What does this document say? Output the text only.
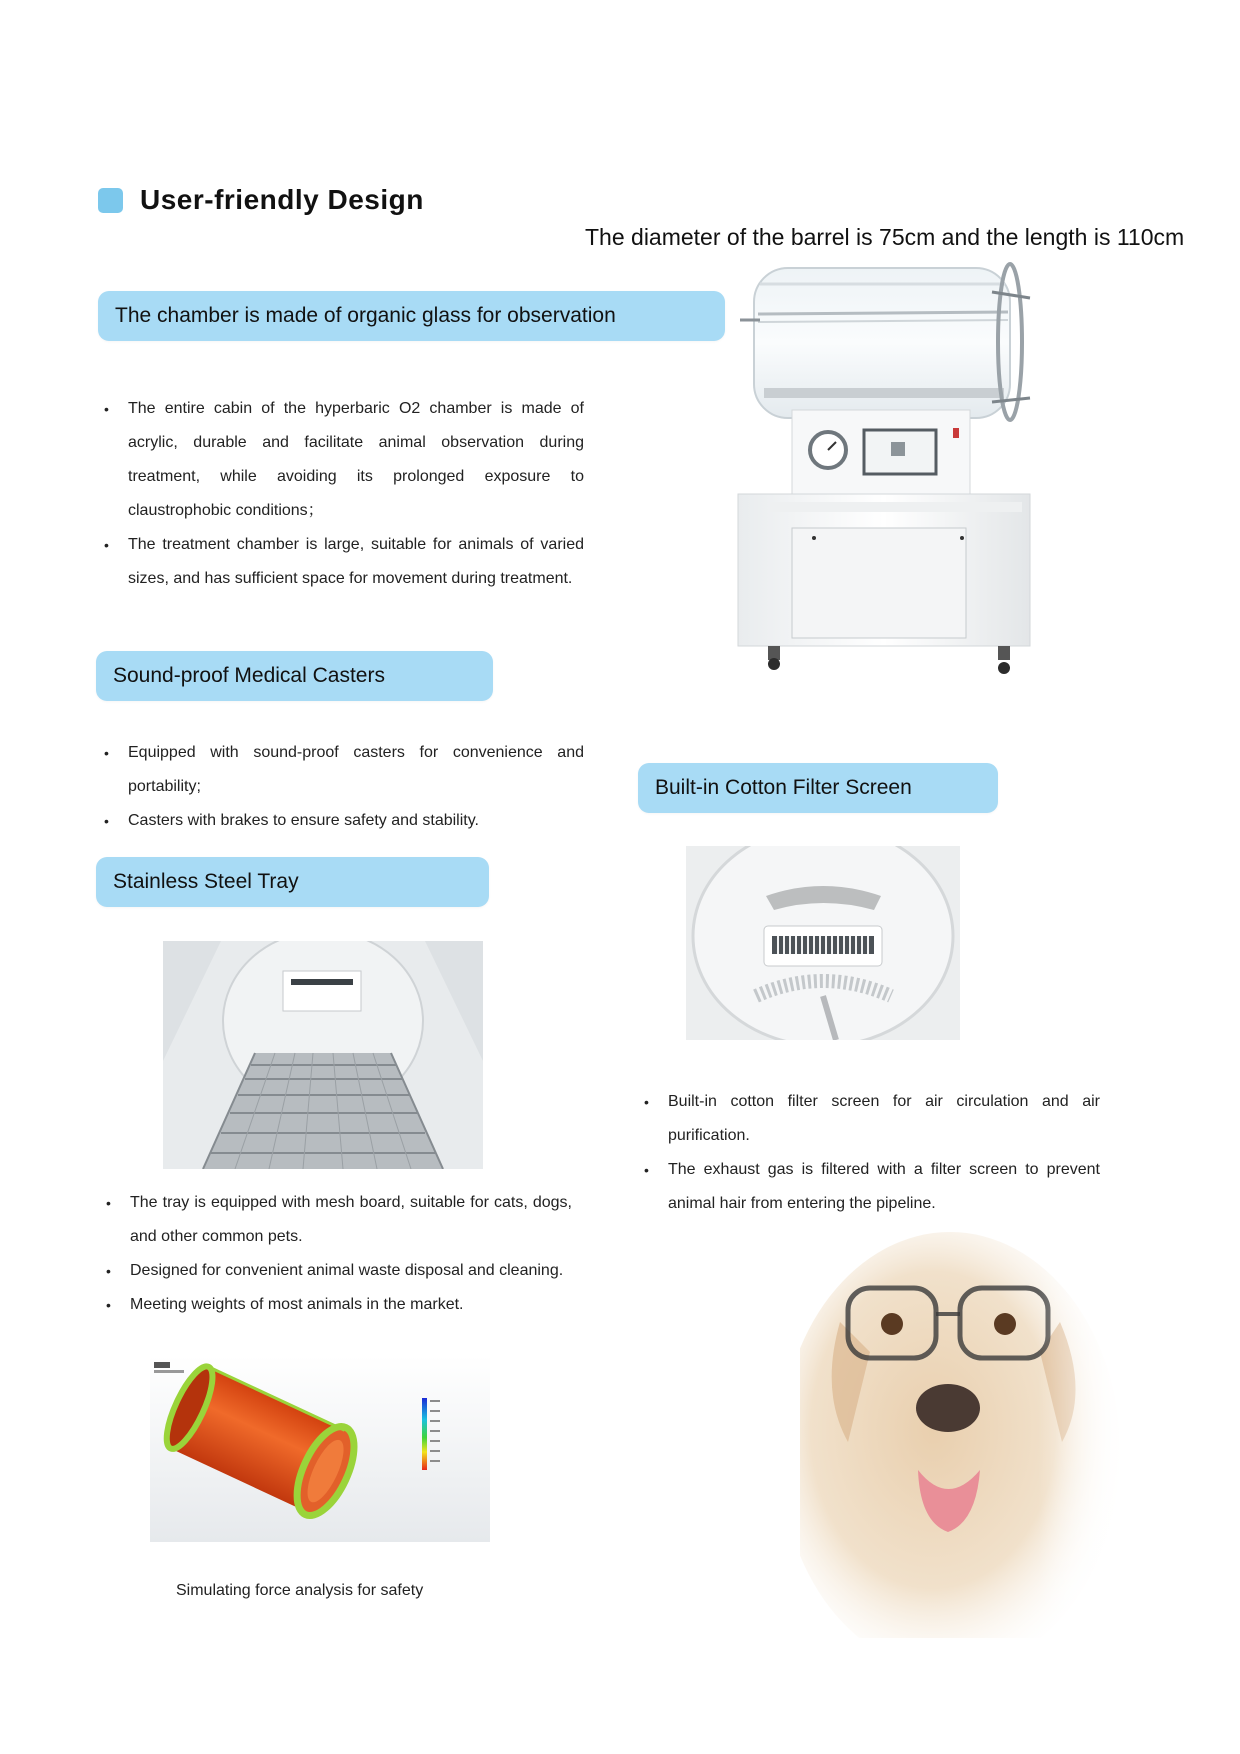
User-friendly Design
The diameter of the barrel is 75cm and the length is 110cm
The chamber is made of organic glass for observation
• The entire cabin of the hyperbaric O2 chamber is made of acrylic, durable and facilitate animal observation during treatment, while avoiding its prolonged exposure to claustrophobic conditions；
• The treatment chamber is large, suitable for animals of varied sizes, and has sufficient space for movement during treatment.
Sound-proof Medical Casters
• Equipped with sound-proof casters for convenience and portability;
• Casters with brakes to ensure safety and stability.
Built-in Cotton Filter Screen
• Built-in cotton filter screen for air circulation and air purification.
• The exhaust gas is filtered with a filter screen to prevent animal hair from entering the pipeline.
Stainless Steel Tray
• The tray is equipped with mesh board, suitable for cats, dogs, and other common pets.
• Designed for convenient animal waste disposal and cleaning.
• Meeting weights of most animals in the market.
Simulating force analysis for safety
